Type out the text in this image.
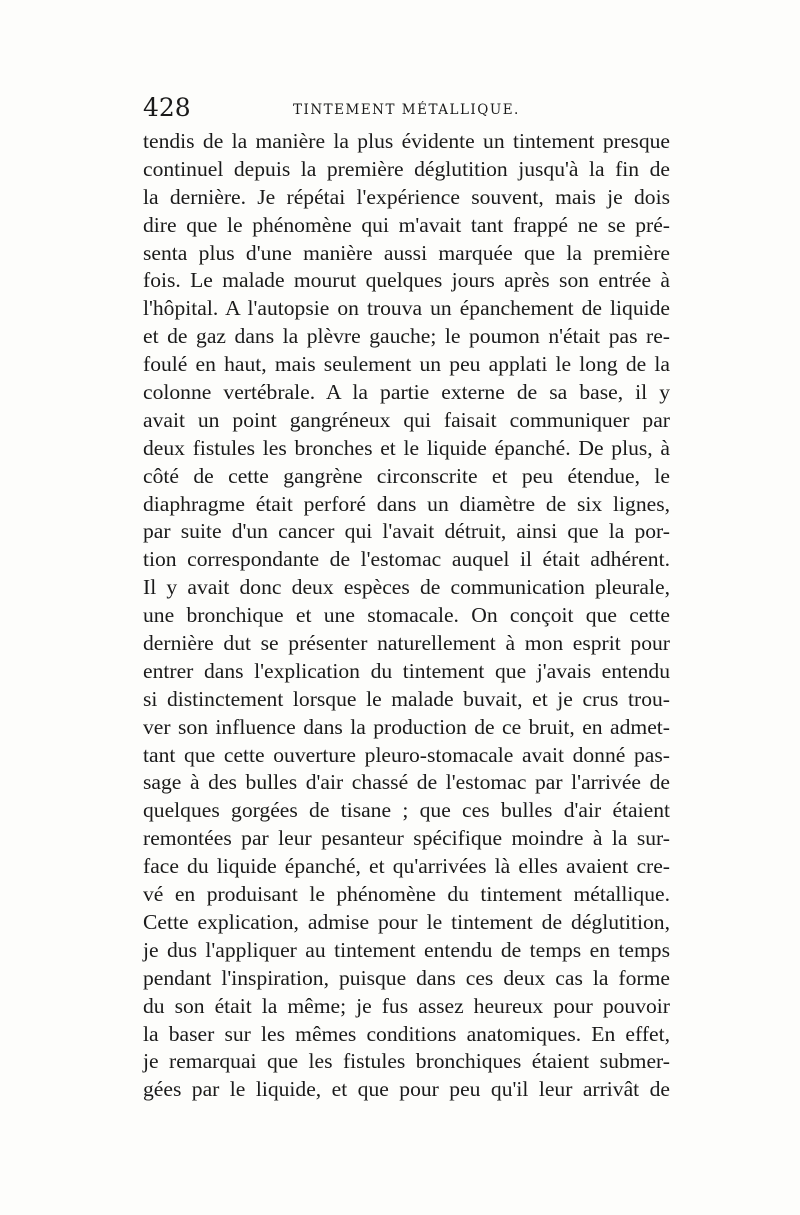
428	TINTEMENT MÉTALLIQUE.
tendis de la manière la plus évidente un tintement presque
continuel depuis la première déglutition jusqu'à la fin de
la dernière. Je répétai l'expérience souvent, mais je dois
dire que le phénomène qui m'avait tant frappé ne se pré-
senta plus d'une manière aussi marquée que la première
fois. Le malade mourut quelques jours après son entrée à
l'hôpital. A l'autopsie on trouva un épanchement de liquide
et de gaz dans la plèvre gauche; le poumon n'était pas re-
foulé en haut, mais seulement un peu applati le long de la
colonne vertébrale. A la partie externe de sa base, il y
avait un point gangréneux qui faisait communiquer par
deux fistules les bronches et le liquide épanché. De plus, à
côté de cette gangrène circonscrite et peu étendue, le
diaphragme était perforé dans un diamètre de six lignes,
par suite d'un cancer qui l'avait détruit, ainsi que la por-
tion correspondante de l'estomac auquel il était adhérent.
Il y avait donc deux espèces de communication pleurale,
une bronchique et une stomacale. On conçoit que cette
dernière dut se présenter naturellement à mon esprit pour
entrer dans l'explication du tintement que j'avais entendu
si distinctement lorsque le malade buvait, et je crus trou-
ver son influence dans la production de ce bruit, en admet-
tant que cette ouverture pleuro-stomacale avait donné pas-
sage à des bulles d'air chassé de l'estomac par l'arrivée de
quelques gorgées de tisane ; que ces bulles d'air étaient
remontées par leur pesanteur spécifique moindre à la sur-
face du liquide épanché, et qu'arrivées là elles avaient cre-
vé en produisant le phénomène du tintement métallique.
Cette explication, admise pour le tintement de déglutition,
je dus l'appliquer au tintement entendu de temps en temps
pendant l'inspiration, puisque dans ces deux cas la forme
du son était la même; je fus assez heureux pour pouvoir
la baser sur les mêmes conditions anatomiques. En effet,
je remarquai que les fistules bronchiques étaient submer-
gées par le liquide, et que pour peu qu'il leur arrivât de
